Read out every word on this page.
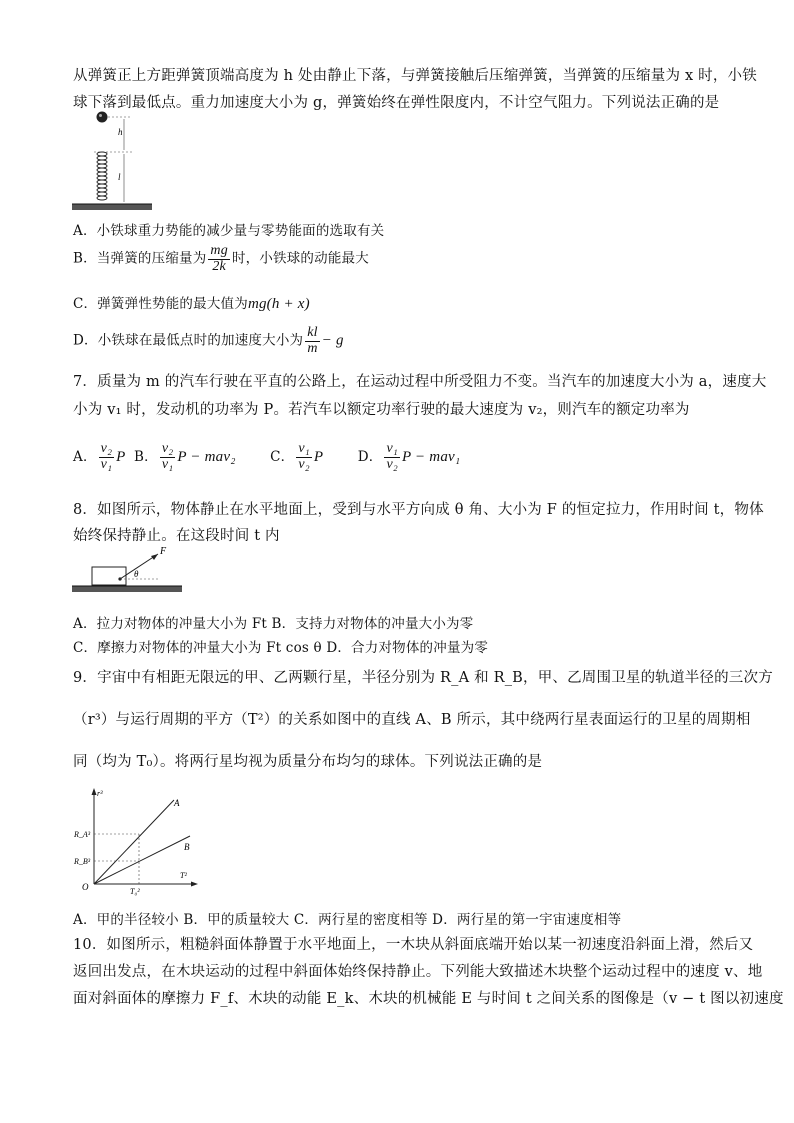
从弹簧正上方距弹簧顶端高度为 h 处由静止下落，与弹簧接触后压缩弹簧，当弹簧的压缩量为 x 时，小铁
球下落到最低点。重力加速度大小为 g，弹簧始终在弹性限度内，不计空气阻力。下列说法正确的是
h
l
A．小铁球重力势能的减少量与零势能面的选取有关
B．当弹簧的压缩量为 $\frac{mg}{2k}$ 时，小铁球的动能最大
C．弹簧弹性势能的最大值为mg(h + x)
D．小铁球在最低点时的加速度大小为 $\frac{kl}{m} - g$
7．质量为 m 的汽车行驶在平直的公路上，在运动过程中所受阻力不变。当汽车的加速度大小为 a，速度大
小为 v₁ 时，发动机的功率为 P。若汽车以额定功率行驶的最大速度为 v₂，则汽车的额定功率为
A． $\frac{\text{v₂}}{\text{v₁}}$ P B． $\frac{\text{v₂}}{\text{v₁}}$ P − mav₂	C． $\frac{\text{v₁}}{\text{v₂}}$ P	D． $\frac{\text{v₁}}{\text{v₂}}$ P − mav₁
8．如图所示，物体静止在水平地面上，受到与水平方向成 θ 角、大小为 F 的恒定拉力，作用时间 t，物体
始终保持静止。在这段时间 t 内
F
θ
A．拉力对物体的冲量大小为 Ft B．支持力对物体的冲量大小为零
C．摩擦力对物体的冲量大小为 Ft cos θ D．合力对物体的冲量为零
9．宇宙中有相距无限远的甲、乙两颗行星，半径分别为 R_A 和 R_B，甲、乙周围卫星的轨道半径的三次方
（r³）与运行周期的平方（T²）的关系如图中的直线 A、B 所示，其中绕两行星表面运行的卫星的周期相
同（均为 T₀）。将两行星均视为质量分布均匀的球体。下列说法正确的是
r³
T²
O
A
B
R_A³
R_B³
T₀²
A．甲的半径较小 B．甲的质量较大 C．两行星的密度相等 D．两行星的第一宇宙速度相等
10．如图所示，粗糙斜面体静置于水平地面上，一木块从斜面底端开始以某一初速度沿斜面上滑，然后又
返回出发点，在木块运动的过程中斜面体始终保持静止。下列能大致描述木块整个运动过程中的速度 v、地
面对斜面体的摩擦力 F_f、木块的动能 E_k、木块的机械能 E 与时间 t 之间关系的图像是（v − t 图以初速度
